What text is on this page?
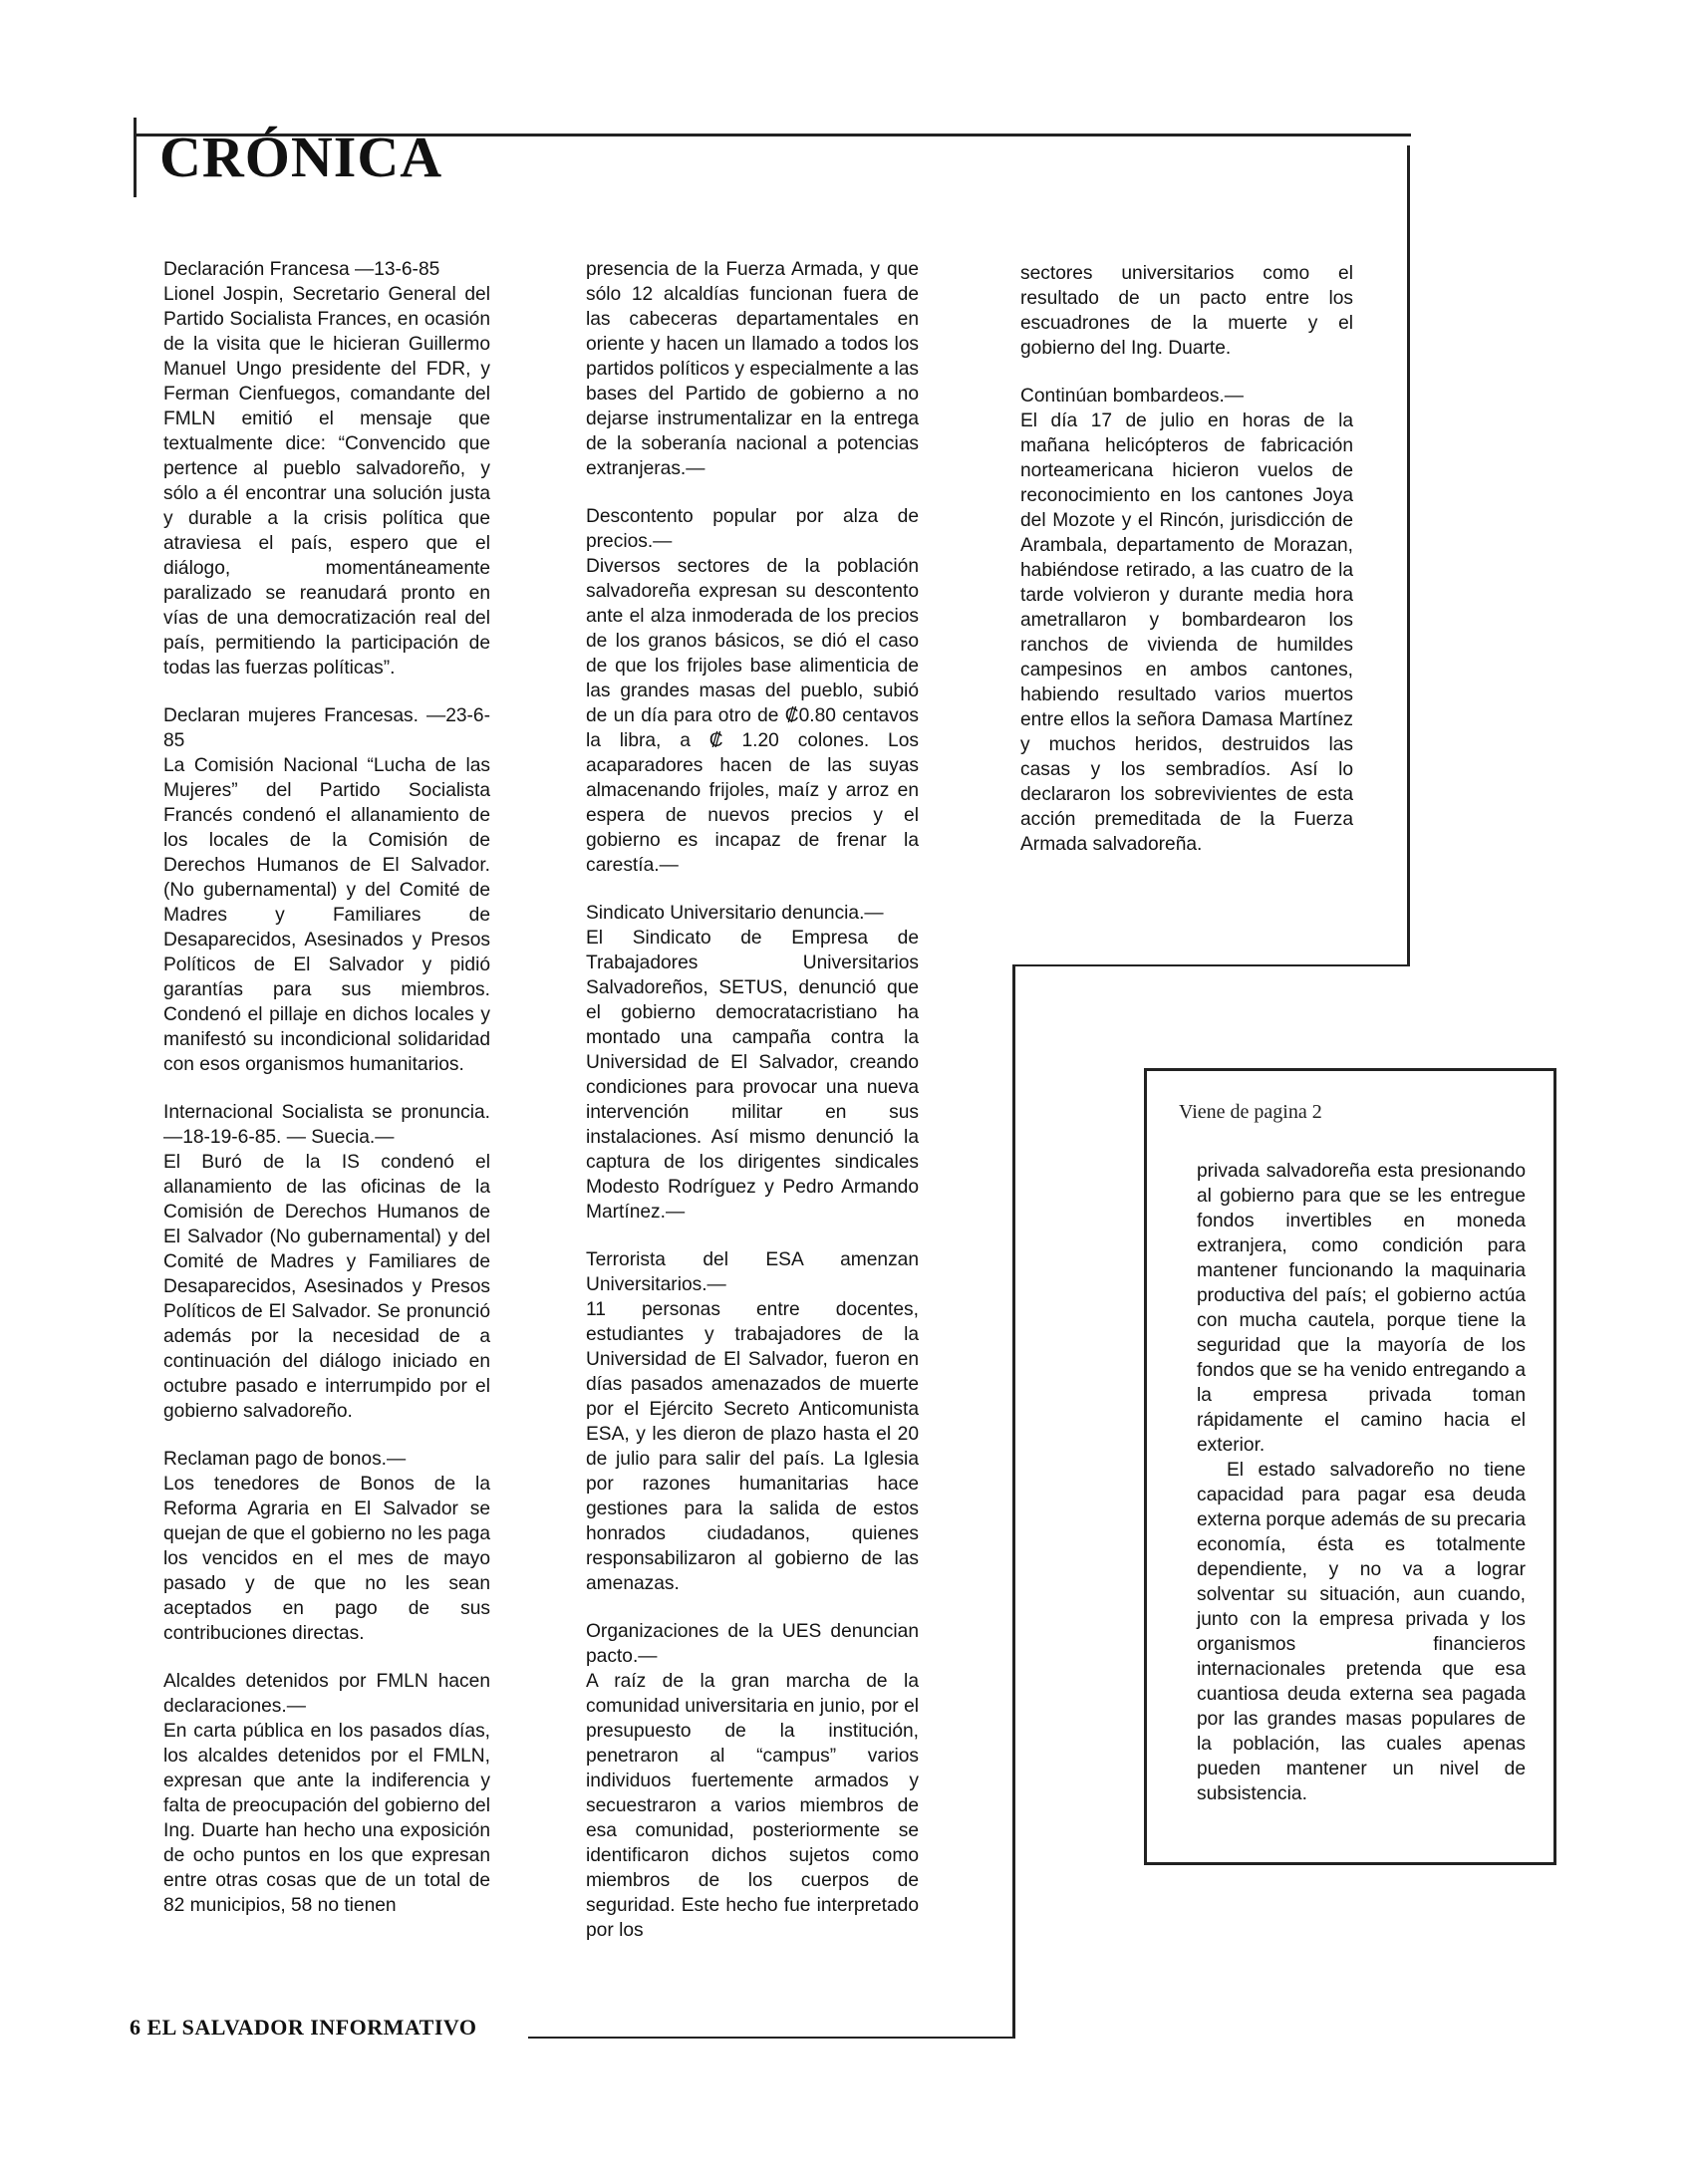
CRÓNICA

Declaración Francesa —13-6-85
Lionel Jospin, Secretario General del Partido Socialista Frances, en ocasión de la visita que le hicieran Guillermo Manuel Ungo presidente del FDR, y Ferman Cienfuegos, comandante del FMLN emitió el mensaje que textualmente dice: “Convencido que pertence al pueblo salvadoreño, y sólo a él encontrar una solución justa y durable a la crisis política que atraviesa el país, espero que el diálogo, momentáneamente paralizado se reanudará pronto en vías de una democratización real del país, permitiendo la participación de todas las fuerzas políticas”.

Declaran mujeres Francesas. —23-6-85
La Comisión Nacional “Lucha de las Mujeres” del Partido Socialista Francés condenó el allanamiento de los locales de la Comisión de Derechos Humanos de El Salvador. (No gubernamental) y del Comité de Madres y Familiares de Desaparecidos, Asesinados y Presos Políticos de El Salvador y pidió garantías para sus miembros. Condenó el pillaje en dichos locales y manifestó su incondicional solidaridad con esos organismos humanitarios.

Internacional Socialista se pronuncia. —18-19-6-85. — Suecia.—
El Buró de la IS condenó el allanamiento de las oficinas de la Comisión de Derechos Humanos de El Salvador (No gubernamental) y del Comité de Madres y Familiares de Desaparecidos, Asesinados y Presos Políticos de El Salvador. Se pronunció además por la necesidad de a continuación del diálogo iniciado en octubre pasado e interrumpido por el gobierno salvadoreño.

Reclaman pago de bonos.—
Los tenedores de Bonos de la Reforma Agraria en El Salvador se quejan de que el gobierno no les paga los vencidos en el mes de mayo pasado y de que no les sean aceptados en pago de sus contribuciones directas.

Alcaldes detenidos por FMLN hacen declaraciones.—
En carta pública en los pasados días, los alcaldes detenidos por el FMLN, expresan que ante la indiferencia y falta de preocupación del gobierno del Ing. Duarte han hecho una exposición de ocho puntos en los que expresan entre otras cosas que de un total de 82 municipios, 58 no tienen

presencia de la Fuerza Armada, y que sólo 12 alcaldías funcionan fuera de las cabeceras departamentales en oriente y hacen un llamado a todos los partidos políticos y especialmente a las bases del Partido de gobierno a no dejarse instrumentalizar en la entrega de la soberanía nacional a potencias extranjeras.—

Descontento popular por alza de precios.—
Diversos sectores de la población salvadoreña expresan su descontento ante el alza inmoderada de los precios de los granos básicos, se dió el caso de que los frijoles base alimenticia de las grandes masas del pueblo, subió de un día para otro de ₡0.80 centavos la libra, a ₡ 1.20 colones. Los acaparadores hacen de las suyas almacenando frijoles, maíz y arroz en espera de nuevos precios y el gobierno es incapaz de frenar la carestía.—

Sindicato Universitario denuncia.—
El Sindicato de Empresa de Trabajadores Universitarios Salvadoreños, SETUS, denunció que el gobierno democratacristiano ha montado una campaña contra la Universidad de El Salvador, creando condiciones para provocar una nueva intervención militar en sus instalaciones. Así mismo denunció la captura de los dirigentes sindicales Modesto Rodríguez y Pedro Armando Martínez.—

Terrorista del ESA amenzan Universitarios.—
11 personas entre docentes, estudiantes y trabajadores de la Universidad de El Salvador, fueron en días pasados amenazados de muerte por el Ejército Secreto Anticomunista ESA, y les dieron de plazo hasta el 20 de julio para salir del país. La Iglesia por razones humanitarias hace gestiones para la salida de estos honrados ciudadanos, quienes responsabilizaron al gobierno de las amenazas.

Organizaciones de la UES denuncian pacto.—
A raíz de la gran marcha de la comunidad universitaria en junio, por el presupuesto de la institución, penetraron al “campus” varios individuos fuertemente armados y secuestraron a varios miembros de esa comunidad, posteriormente se identificaron dichos sujetos como miembros de los cuerpos de seguridad. Este hecho fue interpretado por los

sectores universitarios como el resultado de un pacto entre los escuadrones de la muerte y el gobierno del Ing. Duarte.

Continúan bombardeos.—
El día 17 de julio en horas de la mañana helicópteros de fabricación norteamericana hicieron vuelos de reconocimiento en los cantones Joya del Mozote y el Rincón, jurisdicción de Arambala, departamento de Morazan, habiéndose retirado, a las cuatro de la tarde volvieron y durante media hora ametrallaron y bombardearon los ranchos de vivienda de humildes campesinos en ambos cantones, habiendo resultado varios muertos entre ellos la señora Damasa Martínez y muchos heridos, destruidos las casas y los sembradíos. Así lo declararon los sobrevivientes de esta acción premeditada de la Fuerza Armada salvadoreña.

Viene de pagina 2

privada salvadoreña esta presionando al gobierno para que se les entregue fondos invertibles en moneda extranjera, como condición para mantener funcionando la maquinaria productiva del país; el gobierno actúa con mucha cautela, porque tiene la seguridad que la mayoría de los fondos que se ha venido entregando a la empresa privada toman rápidamente el camino hacia el exterior.

El estado salvadoreño no tiene capacidad para pagar esa deuda externa porque además de su precaria economía, ésta es totalmente dependiente, y no va a lograr solventar su situación, aun cuando, junto con la empresa privada y los organismos financieros internacionales pretenda que esa cuantiosa deuda externa sea pagada por las grandes masas populares de la población, las cuales apenas pueden mantener un nivel de subsistencia.

6 EL SALVADOR INFORMATIVO
